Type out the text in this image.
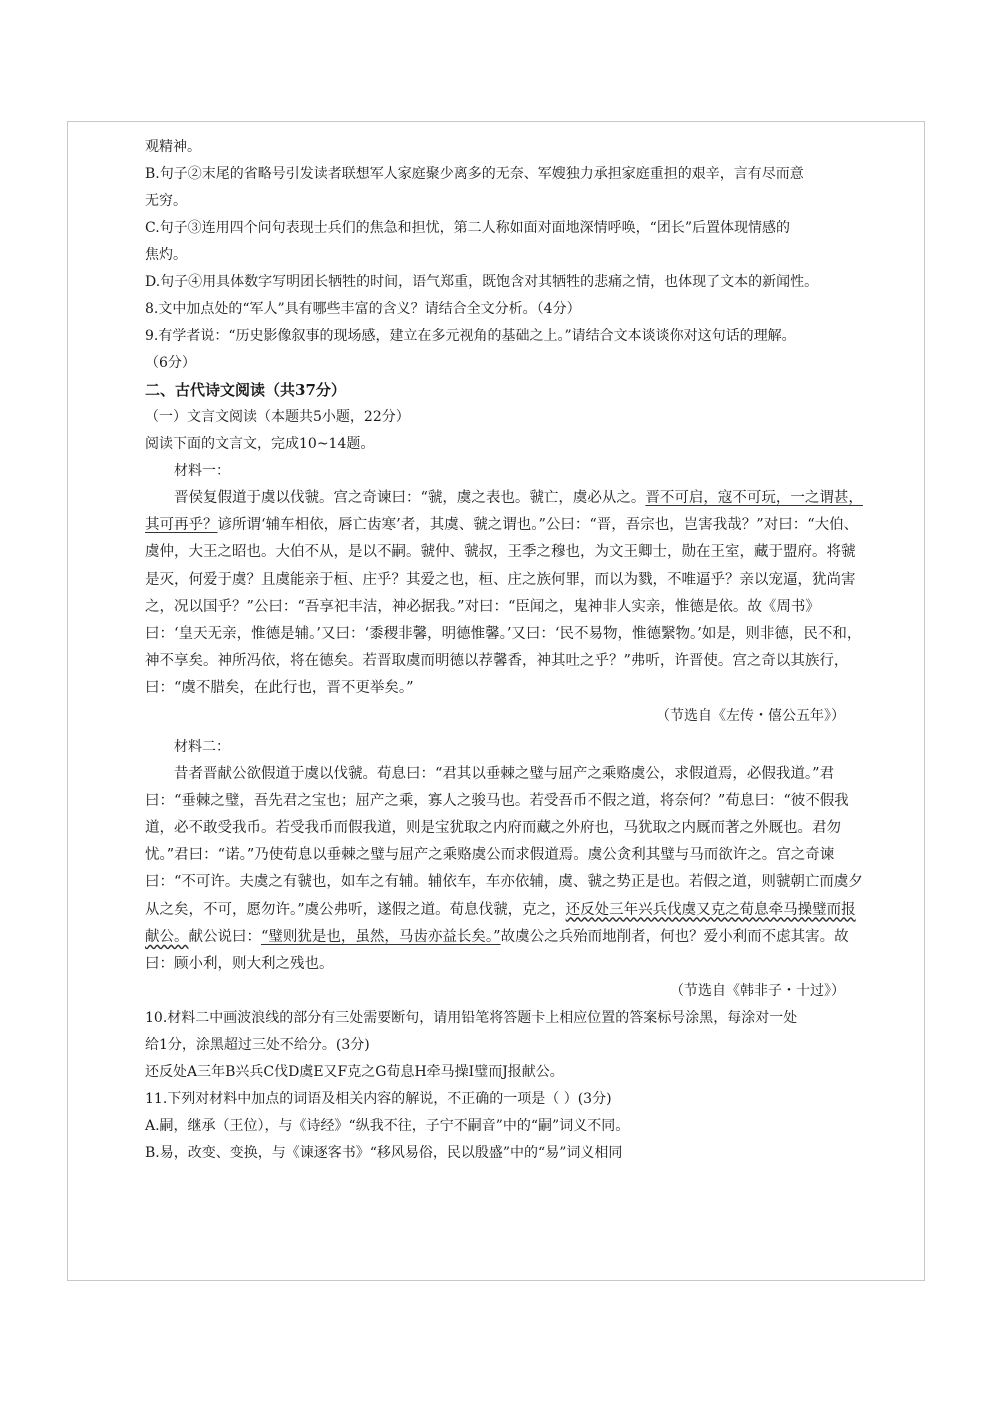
观精神。
B.句子②末尾的省略号引发读者联想军人家庭聚少离多的无奈、军嫂独力承担家庭重担的艰辛，言有尽而意
无穷。
C.句子③连用四个问句表现士兵们的焦急和担忧，第二人称如面对面地深情呼唤，“团长”后置体现情感的
焦灼。
D.句子④用具体数字写明团长牺牲的时间，语气郑重，既饱含对其牺牲的悲痛之情，也体现了文本的新闻性。
8.文中加点处的“军人”具有哪些丰富的含义？请结合全文分析。（4分）
9.有学者说：“历史影像叙事的现场感，建立在多元视角的基础之上。”请结合文本谈谈你对这句话的理解。
（6分）
二、古代诗文阅读（共37分）
（一）文言文阅读（本题共5小题，22分）
阅读下面的文言文，完成10~14题。
材料一：
晋侯复假道于虞以伐虢。宫之奇谏曰：“虢，虞之表也。虢亡，虞必从之。晋不可启，寇不可玩，一之谓甚，其可再乎？谚所谓‘辅车相依，唇亡齿寒’者，其虞、虢之谓也。”公曰：“晋，吾宗也，岂害我哉？”对曰：“大伯、虞仲，大王之昭也。大伯不从，是以不嗣。虢仲、虢叔，王季之穆也，为文王卿士，勋在王室，藏于盟府。将虢是灭，何爱于虞？且虞能亲于桓、庄乎？其爱之也，桓、庄之族何罪，而以为戮，不唯逼乎？亲以宠逼，犹尚害之，况以国乎？”公曰：“吾享祀丰洁，神必据我。”对曰：“臣闻之，鬼神非人实亲，惟德是依。故《周书》曰：‘皇天无亲，惟德是辅。’又曰：‘黍稷非馨，明德惟馨。’又曰：‘民不易物，惟德繄物。’如是，则非德，民不和，神不享矣。神所冯依，将在德矣。若晋取虞而明德以荐馨香，神其吐之乎？”弗听，许晋使。宫之奇以其族行，曰：“虞不腊矣，在此行也，晋不更举矣。”
（节选自《左传・僖公五年》）
材料二：
昔者晋献公欲假道于虞以伐虢。荀息曰：“君其以垂棘之璧与屈产之乘赂虞公，求假道焉，必假我道。”君曰：“垂棘之璧，吾先君之宝也；屈产之乘，寡人之骏马也。若受吾币不假之道，将奈何？”荀息曰：“彼不假我道，必不敢受我币。若受我币而假我道，则是宝犹取之内府而藏之外府也，马犹取之内厩而著之外厩也。君勿忧。”君曰：“诺。”乃使荀息以垂棘之璧与屈产之乘赂虞公而求假道焉。虞公贪利其璧与马而欲许之。宫之奇谏曰：“不可许。夫虞之有虢也，如车之有辅。辅依车，车亦依辅，虞、虢之势正是也。若假之道，则虢朝亡而虞夕从之矣，不可，愿勿许。”虞公弗听，遂假之道。荀息伐虢，克之，还反处三年兴兵伐虞又克之荀息牵马操璧而报献公。献公说曰：“璧则犹是也，虽然，马齿亦益长矣。”故虞公之兵殆而地削者，何也？爱小利而不虑其害。故曰：顾小利，则大利之残也。
（节选自《韩非子・十过》）
10.材料二中画波浪线的部分有三处需要断句，请用铅笔将答题卡上相应位置的答案标号涂黑，每涂对一处
给1分，涂黑超过三处不给分。(3分)
还反处A三年B兴兵C伐D虞E又F克之G荀息H牵马操I璧而J报献公。
11.下列对材料中加点的词语及相关内容的解说，不正确的一项是（ ）(3分)
A.嗣，继承（王位），与《诗经》“纵我不往，子宁不嗣音”中的“嗣”词义不同。
B.易，改变、变换，与《谏逐客书》“移风易俗，民以殷盛”中的“易”词义相同
